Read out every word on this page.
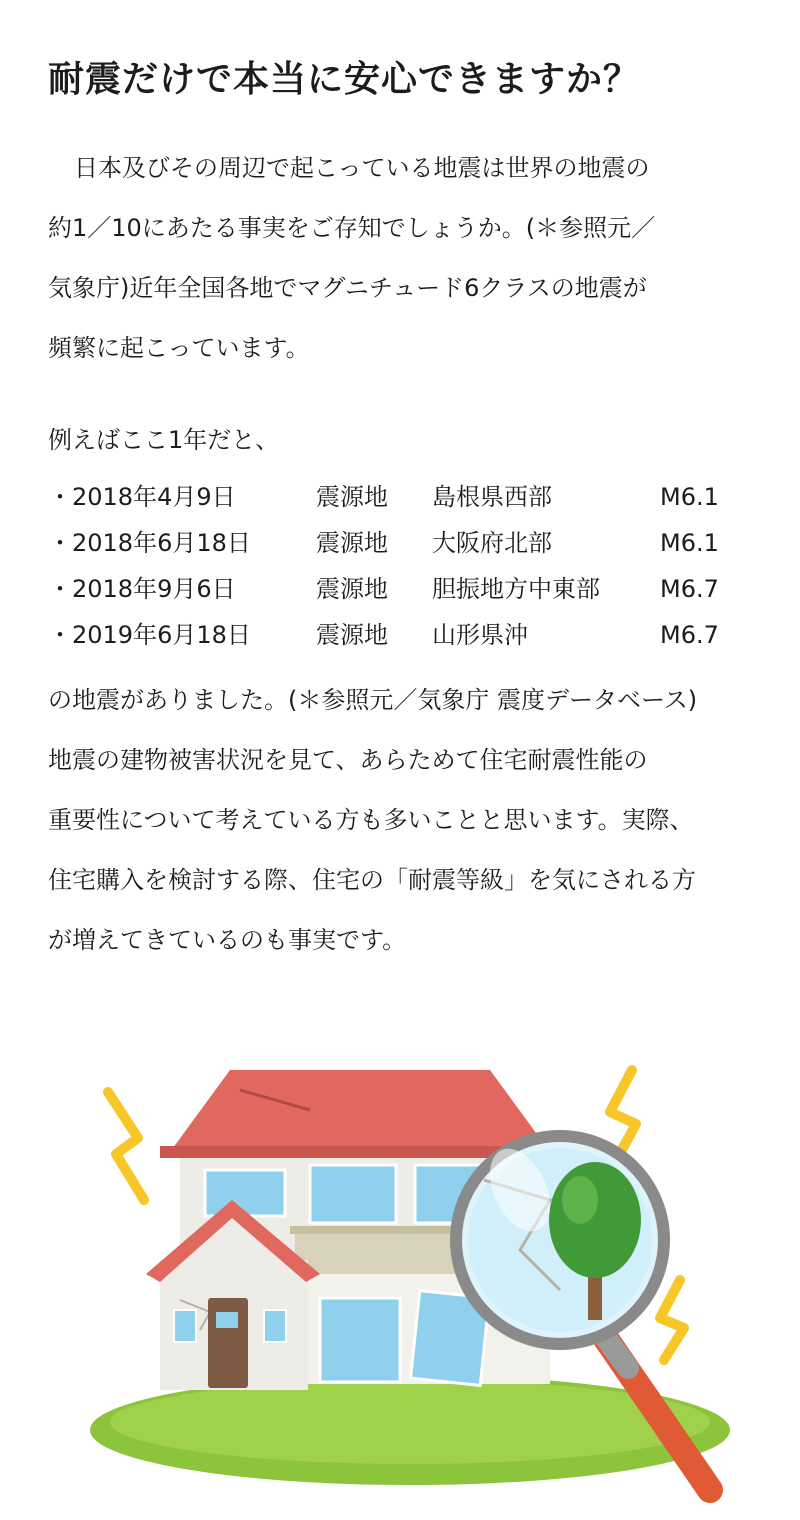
耐震だけで本当に安心できますか？
日本及びその周辺で起こっている地震は世界の地震の
約1／10にあたる事実をご存知でしょうか。(＊参照元／
気象庁)近年全国各地でマグニチュード6クラスの地震が
頻繁に起こっています。
例えばここ1年だと、
・2018年4月9日	震源地 島根県西部	M6.1
・2018年6月18日	震源地 大阪府北部	M6.1
・2018年9月6日	震源地 胆振地方中東部	M6.7
・2019年6月18日	震源地 山形県沖	M6.7
の地震がありました。(＊参照元／気象庁 震度データベース)
地震の建物被害状況を見て、あらためて住宅耐震性能の
重要性について考えている方も多いことと思います。実際、
住宅購入を検討する際、住宅の「耐震等級」を気にされる方
が増えてきているのも事実です。
